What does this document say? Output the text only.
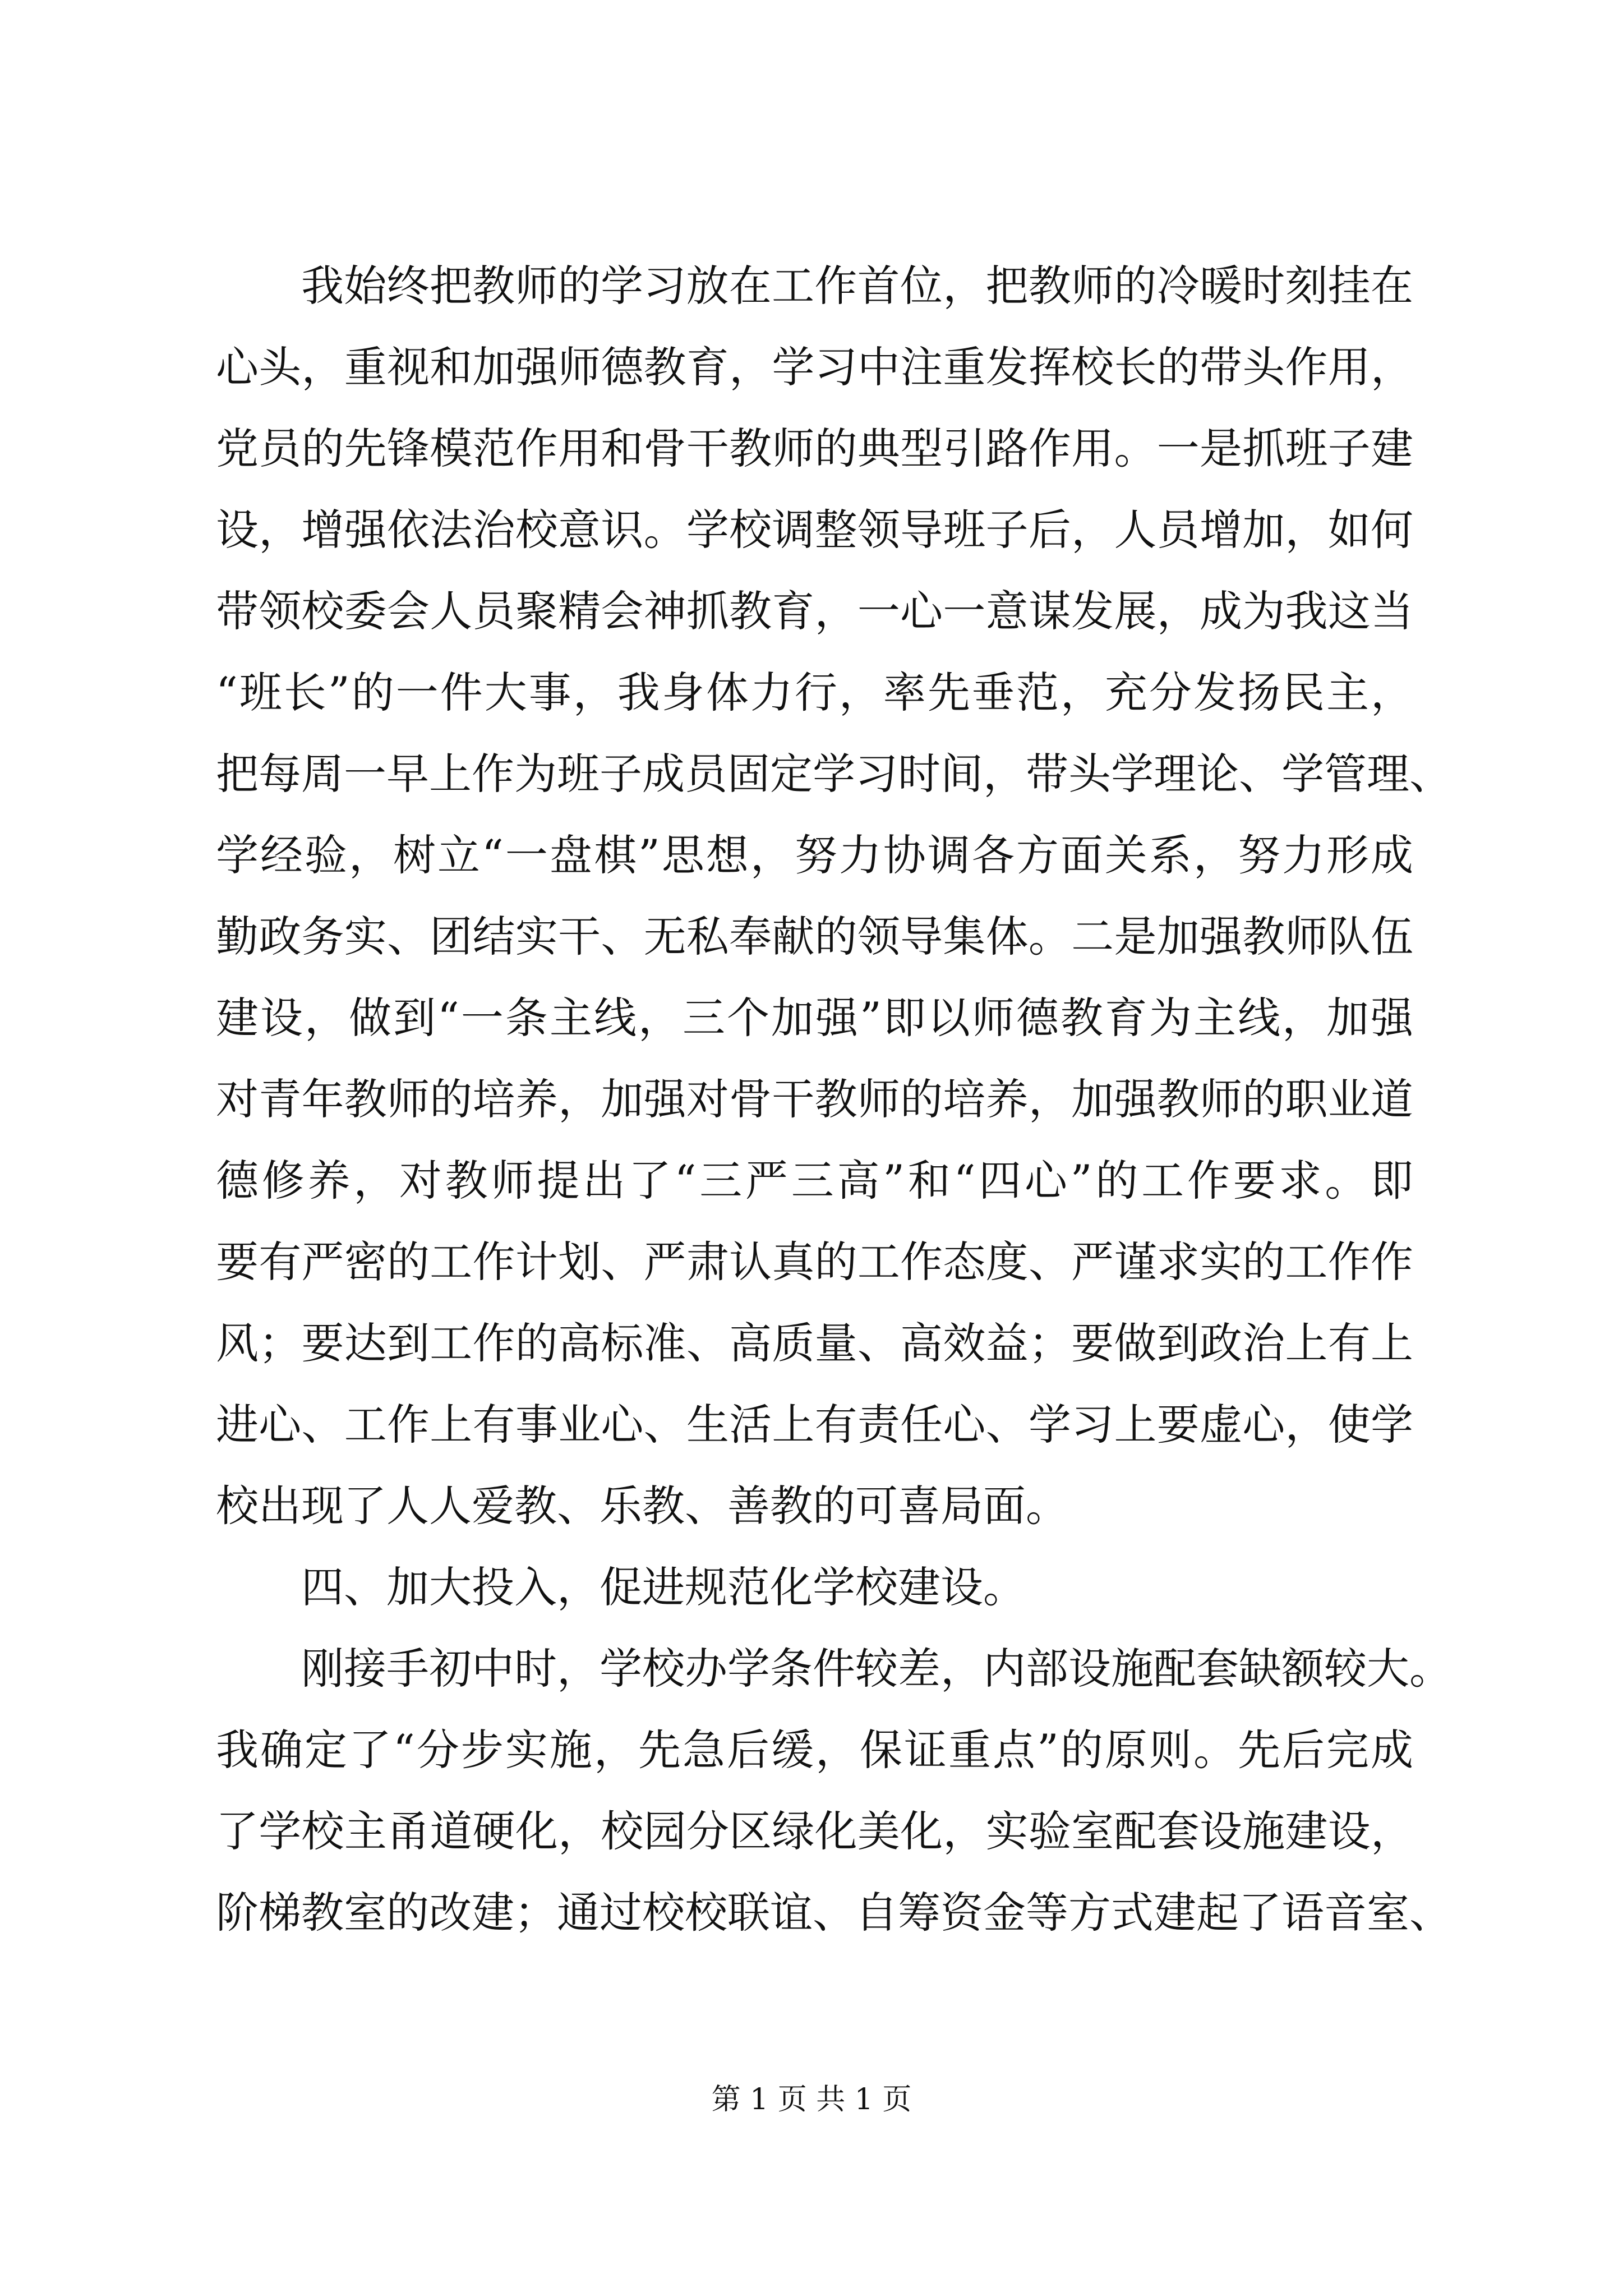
我始终把教师的学习放在工作首位，把教师的冷暖时刻挂在
心头，重视和加强师德教育，学习中注重发挥校长的带头作用，
党员的先锋模范作用和骨干教师的典型引路作用。一是抓班子建
设，增强依法治校意识。学校调整领导班子后，人员增加，如何
带领校委会人员聚精会神抓教育，一心一意谋发展，成为我这当
“班长”的一件大事，我身体力行，率先垂范，充分发扬民主，
把每周一早上作为班子成员固定学习时间，带头学理论、学管理、
学经验，树立“一盘棋”思想，努力协调各方面关系，努力形成
勤政务实、团结实干、无私奉献的领导集体。二是加强教师队伍
建设，做到“一条主线，三个加强”即以师德教育为主线，加强
对青年教师的培养，加强对骨干教师的培养，加强教师的职业道
德修养，对教师提出了“三严三高”和“四心”的工作要求。即
要有严密的工作计划、严肃认真的工作态度、严谨求实的工作作
风；要达到工作的高标准、高质量、高效益；要做到政治上有上
进心、工作上有事业心、生活上有责任心、学习上要虚心，使学
校出现了人人爱教、乐教、善教的可喜局面。
四、加大投入，促进规范化学校建设。
刚接手初中时，学校办学条件较差，内部设施配套缺额较大。
我确定了“分步实施，先急后缓，保证重点”的原则。先后完成
了学校主甬道硬化，校园分区绿化美化，实验室配套设施建设，
阶梯教室的改建；通过校校联谊、自筹资金等方式建起了语音室、
第 1 页 共 1 页
